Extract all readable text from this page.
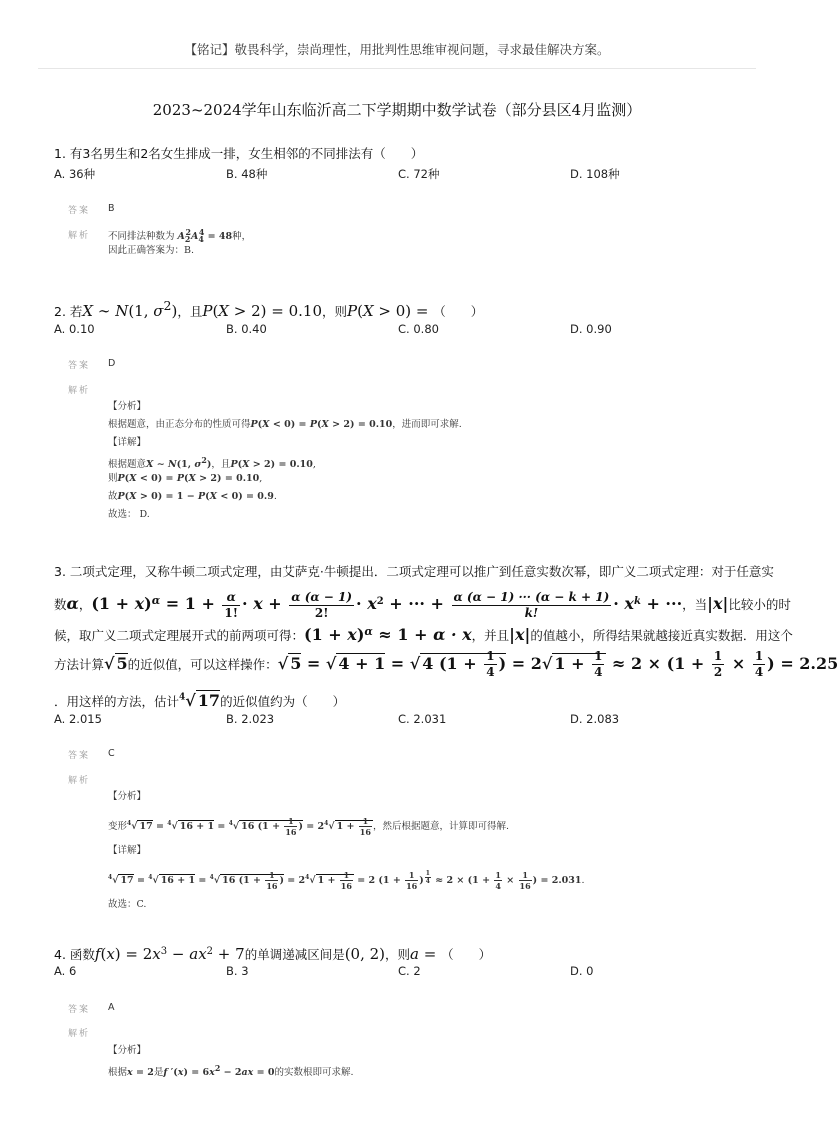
【铭记】敬畏科学，崇尚理性，用批判性思维审视问题，寻求最佳解决方案。
2023~2024学年山东临沂高二下学期期中数学试卷（部分县区4月监测）
1. 有3名男生和2名女生排成一排，女生相邻的不同排法有（　　）
A. 36种	B. 48种	C. 72种	D. 108种
答案 B
解析 不同排法种数为 $A_2^2A_4^4 = 48$种，
因此正确答案为：B.
2. 若X ∼ N(1, $\sigma^2$)，且P(X > 2) = 0.10，则P(X > 0) = （　　）
A. 0.10	B. 0.40	C. 0.80	D. 0.90
答案 D
解析
【分析】
根据题意，由正态分布的性质可得P(X < 0) = P(X > 2) = 0.10，进而即可求解.
【详解】
根据题意X ∼ N(1, $\sigma^2$)，且P(X > 2) = 0.10,
则P(X < 0) = P(X > 2) = 0.10,
故P(X > 0) = 1 − P(X < 0) = 0.9.
故选： D.
3. 二项式定理，又称牛顿二项式定理，由艾萨克·牛顿提出．二项式定理可以推广到任意实数次幂，即广义二项式定理：对于任意实
数α，$(1 + x)^\alpha = 1 + \frac{\alpha}{1!} \cdot x + \frac{\alpha (\alpha - 1)}{2!} \cdot x^2$ + ··· + $\frac{\alpha (\alpha - 1) \cdot\cdot\cdot (\alpha - k + 1)}{k!} \cdot x^k$ + ···，当|x|比较小的时
候，取广义二项式定理展开式的前两项可得：$(1 + x)^\alpha \approx 1 + \alpha \cdot x$，并且|x|的值越小，所得结果就越接近真实数据．用这个
方法计算√ 5的近似值，可以这样操作：√ 5 = √ 4 + 1 = √ 4 ($1 + \frac{1}{4}$ ) = 2√ $1 + \frac{1}{4} \approx 2 \times (1 + \frac{1}{2} \times \frac{1}{4}$ ) = 2.25
．用这样的方法，估计$^4$√ 17的近似值约为（　　）
A. 2.015	B. 2.023	C. 2.031	D. 2.083
答案 C
解析
【分析】
变形$^4$√ 17 = $^4$√ 16 + 1 = $^4$√ 16 ($1 + \frac{1}{16}$ ) = $2^4√$ $1 + \frac{1}{16}$ ，然后根据题意，计算即可得解.
【详解】
$^4$√ 17 = $^4$√ 16 + 1 = $^4$√ 16 ($1 + \frac{1}{16}$ ) = $2^4√$ $1 + \frac{1}{16} = 2$ ($1 + \frac{1}{16}$ ) $^{\frac{1}{4}} \approx 2 \times (1 + \frac{1}{4} \times \frac{1}{16}$ ) = 2.031.
故选：C.
4. 函数$f(x) = 2x^3 - ax^2 + 7$的单调递减区间是(0, 2)，则a = （　　）
A. 6	B. 3	C. 2	D. 0
答案 A
解析
【分析】
根据x = 2是f $'(x) = 6x^2 - 2ax = 0$的实数根即可求解.
